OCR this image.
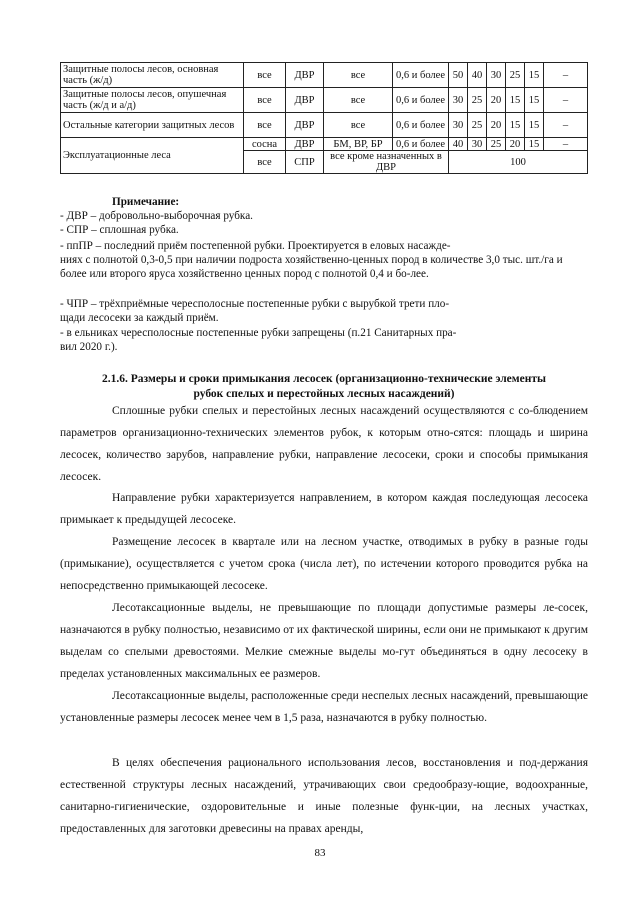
Защитные полосы лесов, основная часть (ж/д)	все	ДВР	все	0,6 и более	50	40	30	25	15	–
Защитные полосы лесов, опушечная часть (ж/д и а/д)	все	ДВР	все	0,6 и более	30	25	20	15	15	–
Остальные категории защитных лесов	все	ДВР	все	0,6 и более	30	25	20	15	15	–
Эксплуатационные леса	сосна	ДВР	БМ, ВР, БР	0,6 и более	40	30	25	20	15	–
	все	СПР	все кроме назначенных в ДВР		100					
Примечание:
- ДВР – добровольно-выборочная рубка.
- СПР – сплошная рубка.
- ппПР – последний приём постепенной рубки. Проектируется в еловых насажде-
ниях с полнотой 0,3-0,5 при наличии подроста хозяйственно-ценных пород в количестве 3,0 тыс. шт./га и более или второго яруса хозяйственно ценных пород с полнотой 0,4 и бо-лее.
- ЧПР – трёхприёмные чересполосные постепенные рубки с вырубкой трети пло-
щади лесосеки за каждый приём.
- в ельниках чересполосные постепенные рубки запрещены (п.21 Санитарных пра-
вил 2020 г.).
2.1.6. Размеры и сроки примыкания лесосек (организационно-технические элементы
рубок спелых и перестойных лесных насаждений)
Сплошные рубки спелых и перестойных лесных насаждений осуществляются с со-блюдением параметров организационно-технических элементов рубок, к которым отно-сятся: площадь и ширина лесосек, количество зарубов, направление рубки, направление лесосеки, сроки и способы примыкания лесосек.
Направление рубки характеризуется направлением, в котором каждая последующая лесосека примыкает к предыдущей лесосеке.
Размещение лесосек в квартале или на лесном участке, отводимых в рубку в разные годы (примыкание), осуществляется с учетом срока (числа лет), по истечении которого проводится рубка на непосредственно примыкающей лесосеке.
Лесотаксационные выделы, не превышающие по площади допустимые размеры ле-сосек, назначаются в рубку полностью, независимо от их фактической ширины, если они не примыкают к другим выделам со спелыми древостоями. Мелкие смежные выделы мо-гут объединяться в одну лесосеку в пределах установленных максимальных ее размеров.
Лесотаксационные выделы, расположенные среди неспелых лесных насаждений, превышающие установленные размеры лесосек менее чем в 1,5 раза, назначаются в рубку полностью.
В целях обеспечения рационального использования лесов, восстановления и под-держания естественной структуры лесных насаждений, утрачивающих свои средообразу-ющие, водоохранные, санитарно-гигиенические, оздоровительные и иные полезные функ-ции, на лесных участках, предоставленных для заготовки древесины на правах аренды,
83
